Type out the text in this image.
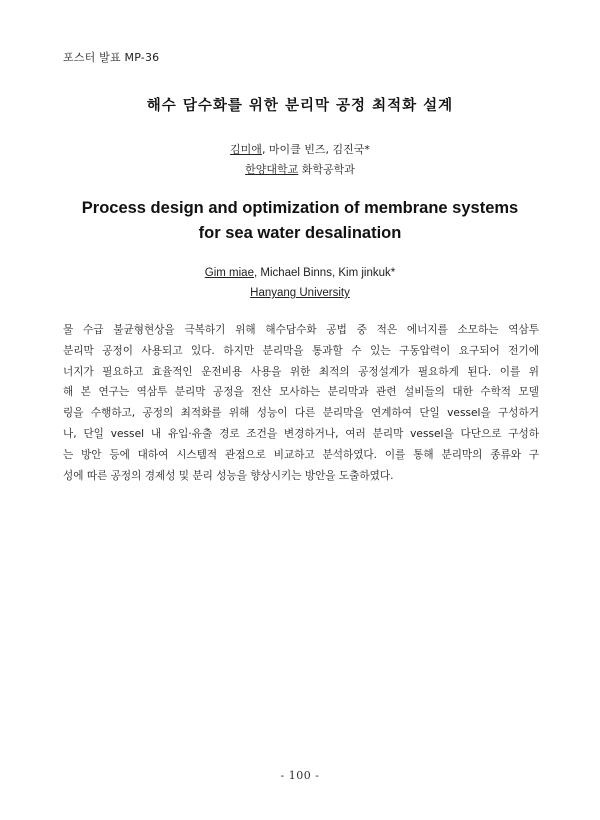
포스터 발표 MP-36
해수 담수화를 위한 분리막 공정 최적화 설계
김미애, 마이클 빈즈, 김진국*
한양대학교 화학공학과
Process design and optimization of membrane systems
for sea water desalination
Gim miae, Michael Binns, Kim jinkuk*
Hanyang University
물 수급 불균형현상을 극복하기 위해 해수담수화 공법 중 적은 에너지를 소모하는 역삼투
분리막 공정이 사용되고 있다. 하지만 분리막을 통과할 수 있는 구동압력이 요구되어 전기에
너지가 필요하고 효율적인 운전비용 사용을 위한 최적의 공정설계가 필요하게 된다. 이를 위
해 본 연구는 역삼투 분리막 공정을 전산 모사하는 분리막과 관련 설비들의 대한 수학적 모델
링을 수행하고, 공정의 최적화를 위해 성능이 다른 분리막을 연계하여 단일 vessel을 구성하거
나, 단일 vessel 내 유입·유출 경로 조건을 변경하거나, 여러 분리막 vessel을 다단으로 구성하
는 방안 등에 대하여 시스템적 관점으로 비교하고 분석하였다. 이를 통해 분리막의 종류와 구
성에 따른 공정의 경제성 및 분리 성능을 향상시키는 방안을 도출하였다.
- 100 -
